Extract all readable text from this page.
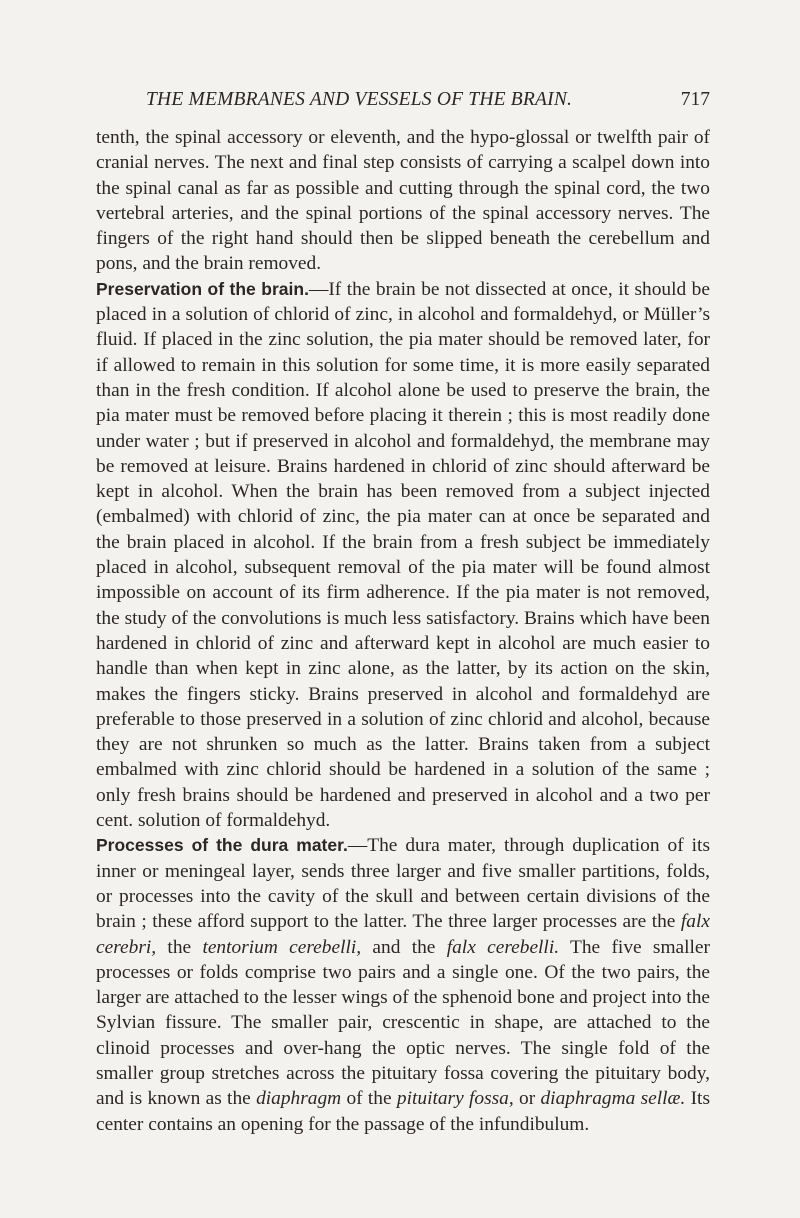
THE MEMBRANES AND VESSELS OF THE BRAIN.	717

tenth, the spinal accessory or eleventh, and the hypo-glossal or twelfth pair of cranial nerves. The next and final step consists of carrying a scalpel down into the spinal canal as far as possible and cutting through the spinal cord, the two vertebral arteries, and the spinal portions of the spinal accessory nerves. The fingers of the right hand should then be slipped beneath the cerebellum and pons, and the brain removed.

Preservation of the brain.—If the brain be not dissected at once, it should be placed in a solution of chlorid of zinc, in alcohol and formaldehyd, or Müller’s fluid. If placed in the zinc solution, the pia mater should be removed later, for if allowed to remain in this solution for some time, it is more easily separated than in the fresh condition. If alcohol alone be used to preserve the brain, the pia mater must be removed before placing it therein ; this is most readily done under water ; but if preserved in alcohol and formaldehyd, the membrane may be removed at leisure. Brains hardened in chlorid of zinc should afterward be kept in alcohol. When the brain has been removed from a subject injected (embalmed) with chlorid of zinc, the pia mater can at once be separated and the brain placed in alcohol. If the brain from a fresh subject be immediately placed in alcohol, subsequent removal of the pia mater will be found almost impossible on account of its firm adherence. If the pia mater is not removed, the study of the convolutions is much less satisfactory. Brains which have been hardened in chlorid of zinc and afterward kept in alcohol are much easier to handle than when kept in zinc alone, as the latter, by its action on the skin, makes the fingers sticky. Brains preserved in alcohol and formaldehyd are preferable to those preserved in a solution of zinc chlorid and alcohol, because they are not shrunken so much as the latter. Brains taken from a subject embalmed with zinc chlorid should be hardened in a solution of the same ; only fresh brains should be hardened and preserved in alcohol and a two per cent. solution of formaldehyd.

Processes of the dura mater.—The dura mater, through duplication of its inner or meningeal layer, sends three larger and five smaller partitions, folds, or processes into the cavity of the skull and between certain divisions of the brain ; these afford support to the latter. The three larger processes are the falx cerebri, the tentorium cerebelli, and the falx cerebelli. The five smaller processes or folds comprise two pairs and a single one. Of the two pairs, the larger are attached to the lesser wings of the sphenoid bone and project into the Sylvian fissure. The smaller pair, crescentic in shape, are attached to the clinoid processes and over-hang the optic nerves. The single fold of the smaller group stretches across the pituitary fossa covering the pituitary body, and is known as the diaphragm of the pituitary fossa, or diaphragma sellæ. Its center contains an opening for the passage of the infundibulum.
